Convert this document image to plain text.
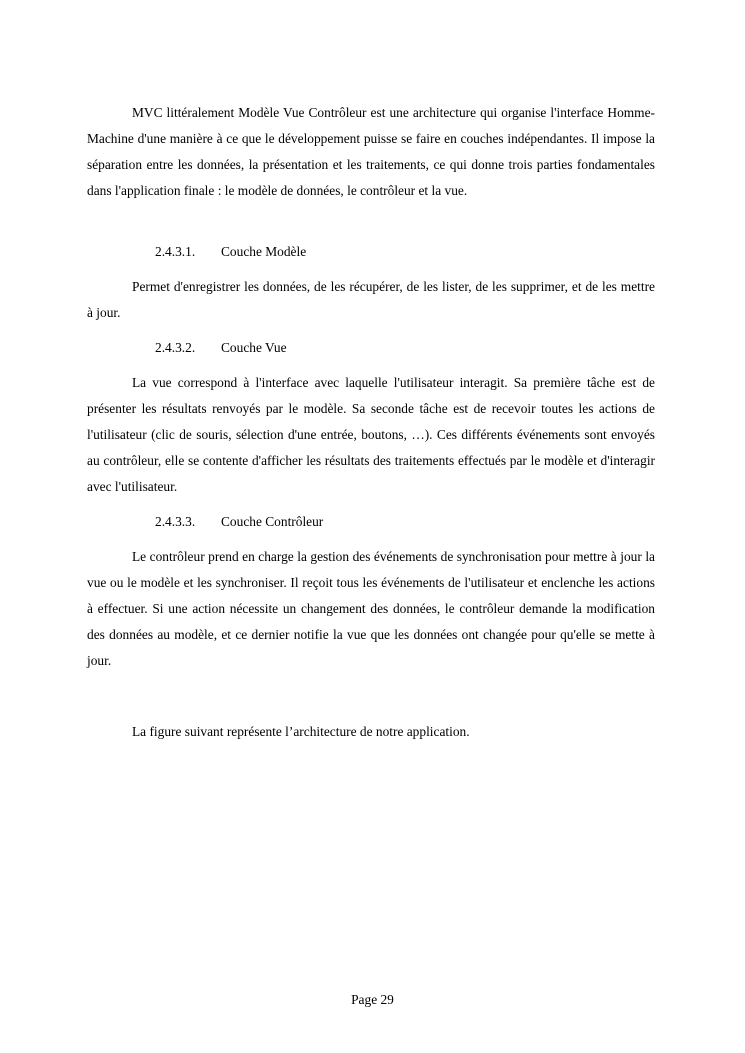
MVC littéralement Modèle Vue Contrôleur est une architecture qui organise l'interface Homme-Machine d'une manière à ce que le développement puisse se faire en couches indépendantes. Il impose la séparation entre les données, la présentation et les traitements, ce qui donne trois parties fondamentales dans l'application finale : le modèle de données, le contrôleur et la vue.

2.4.3.1. Couche Modèle

Permet d'enregistrer les données, de les récupérer, de les lister, de les supprimer, et de les mettre à jour.

2.4.3.2. Couche Vue

La vue correspond à l'interface avec laquelle l'utilisateur interagit. Sa première tâche est de présenter les résultats renvoyés par le modèle. Sa seconde tâche est de recevoir toutes les actions de l'utilisateur (clic de souris, sélection d'une entrée, boutons, …). Ces différents événements sont envoyés au contrôleur, elle se contente d'afficher les résultats des traitements effectués par le modèle et d'interagir avec l'utilisateur.

2.4.3.3. Couche Contrôleur

Le contrôleur prend en charge la gestion des événements de synchronisation pour mettre à jour la vue ou le modèle et les synchroniser. Il reçoit tous les événements de l'utilisateur et enclenche les actions à effectuer. Si une action nécessite un changement des données, le contrôleur demande la modification des données au modèle, et ce dernier notifie la vue que les données ont changée pour qu'elle se mette à jour.

La figure suivant représente l’architecture de notre application.

Page 29
